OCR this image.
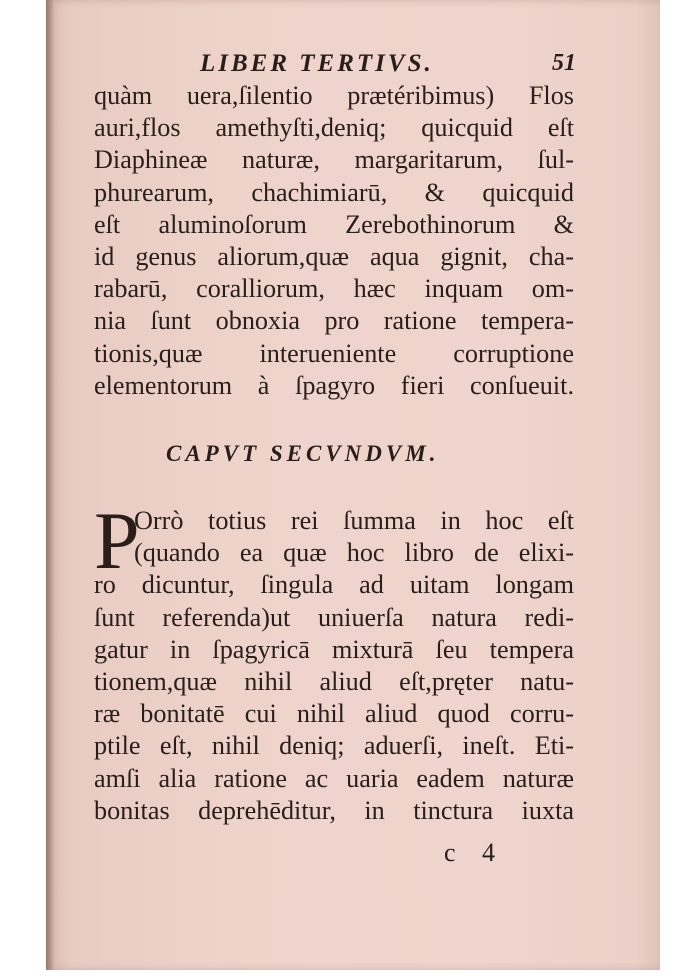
LIBER TERTIVS.	51
quàm uera,ſilentio prætéribimus) Flos
auri,flos amethyſti,deniq; quicquid eſt
Diaphineæ naturæ, margaritarum, ſul-
phurearum, chachimiarū, & quicquid
eſt aluminoſorum Zerebothinorum &
id genus aliorum,quæ aqua gignit, cha-
rabarū, coralliorum, hæc inquam om-
nia ſunt obnoxia pro ratione tempera-
tionis,quæ interueniente corruptione
elementorum à ſpagyro fieri conſueuit.
CAPVT SECVNDVM.
P
Orrò totius rei ſumma in hoc eſt
(quando ea quæ hoc libro de elixi-
ro dicuntur, ſingula ad uitam longam
ſunt referenda)ut uniuerſa natura redi-
gatur in ſpagyricā mixturā ſeu tempera
tionem,quæ nihil aliud eſt,pręter natu-
ræ bonitatē cui nihil aliud quod corru-
ptile eſt, nihil deniq; aduerſi, ineſt. Eti-
amſi alia ratione ac uaria eadem naturæ
bonitas deprehēditur, in tinctura iuxta
c 4
